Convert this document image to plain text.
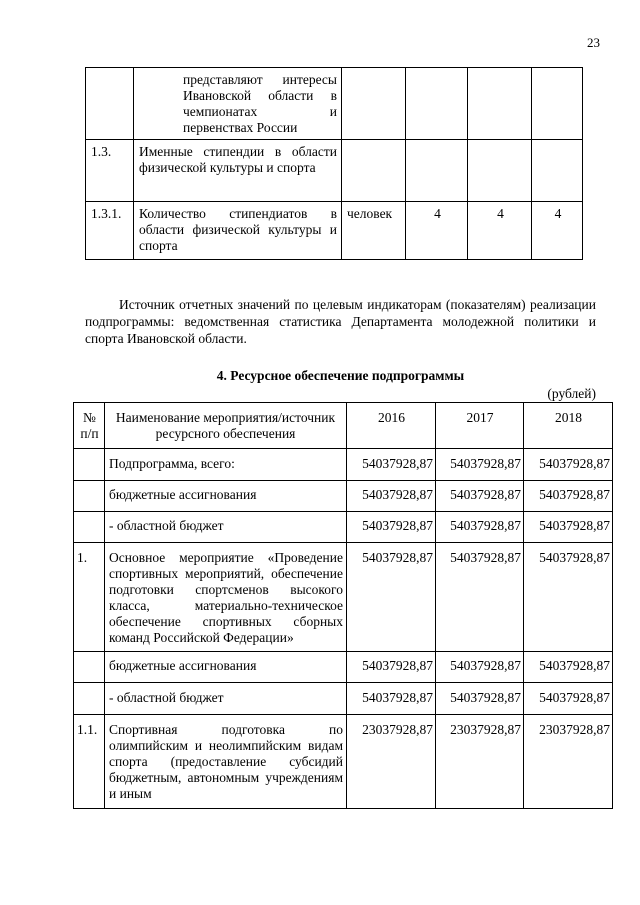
23
	представляют интересы Ивановской области в чемпионатах и первенствах России				
1.3.	Именные стипендии в области физической культуры и спорта				
1.3.1.	Количество стипендиатов в области физической культуры и спорта	человек	4	4	4

Источник отчетных значений по целевым индикаторам (показателям) реализации подпрограммы: ведомственная статистика Департамента молодежной политики и спорта Ивановской области.

4. Ресурсное обеспечение подпрограммы
(рублей)
№ п/п	Наименование мероприятия/источник ресурсного обеспечения	2016	2017	2018
	Подпрограмма, всего:	54037928,87	54037928,87	54037928,87
	бюджетные ассигнования	54037928,87	54037928,87	54037928,87
	- областной бюджет	54037928,87	54037928,87	54037928,87
1.	Основное мероприятие «Проведение спортивных мероприятий, обеспечение подготовки спортсменов высокого класса, материально-техническое обеспечение спортивных сборных команд Российской Федерации»	54037928,87	54037928,87	54037928,87
	бюджетные ассигнования	54037928,87	54037928,87	54037928,87
	- областной бюджет	54037928,87	54037928,87	54037928,87
1.1.	Спортивная подготовка по олимпийским и неолимпийским видам спорта (предоставление субсидий бюджетным, автономным учреждениям и иным	23037928,87	23037928,87	23037928,87
